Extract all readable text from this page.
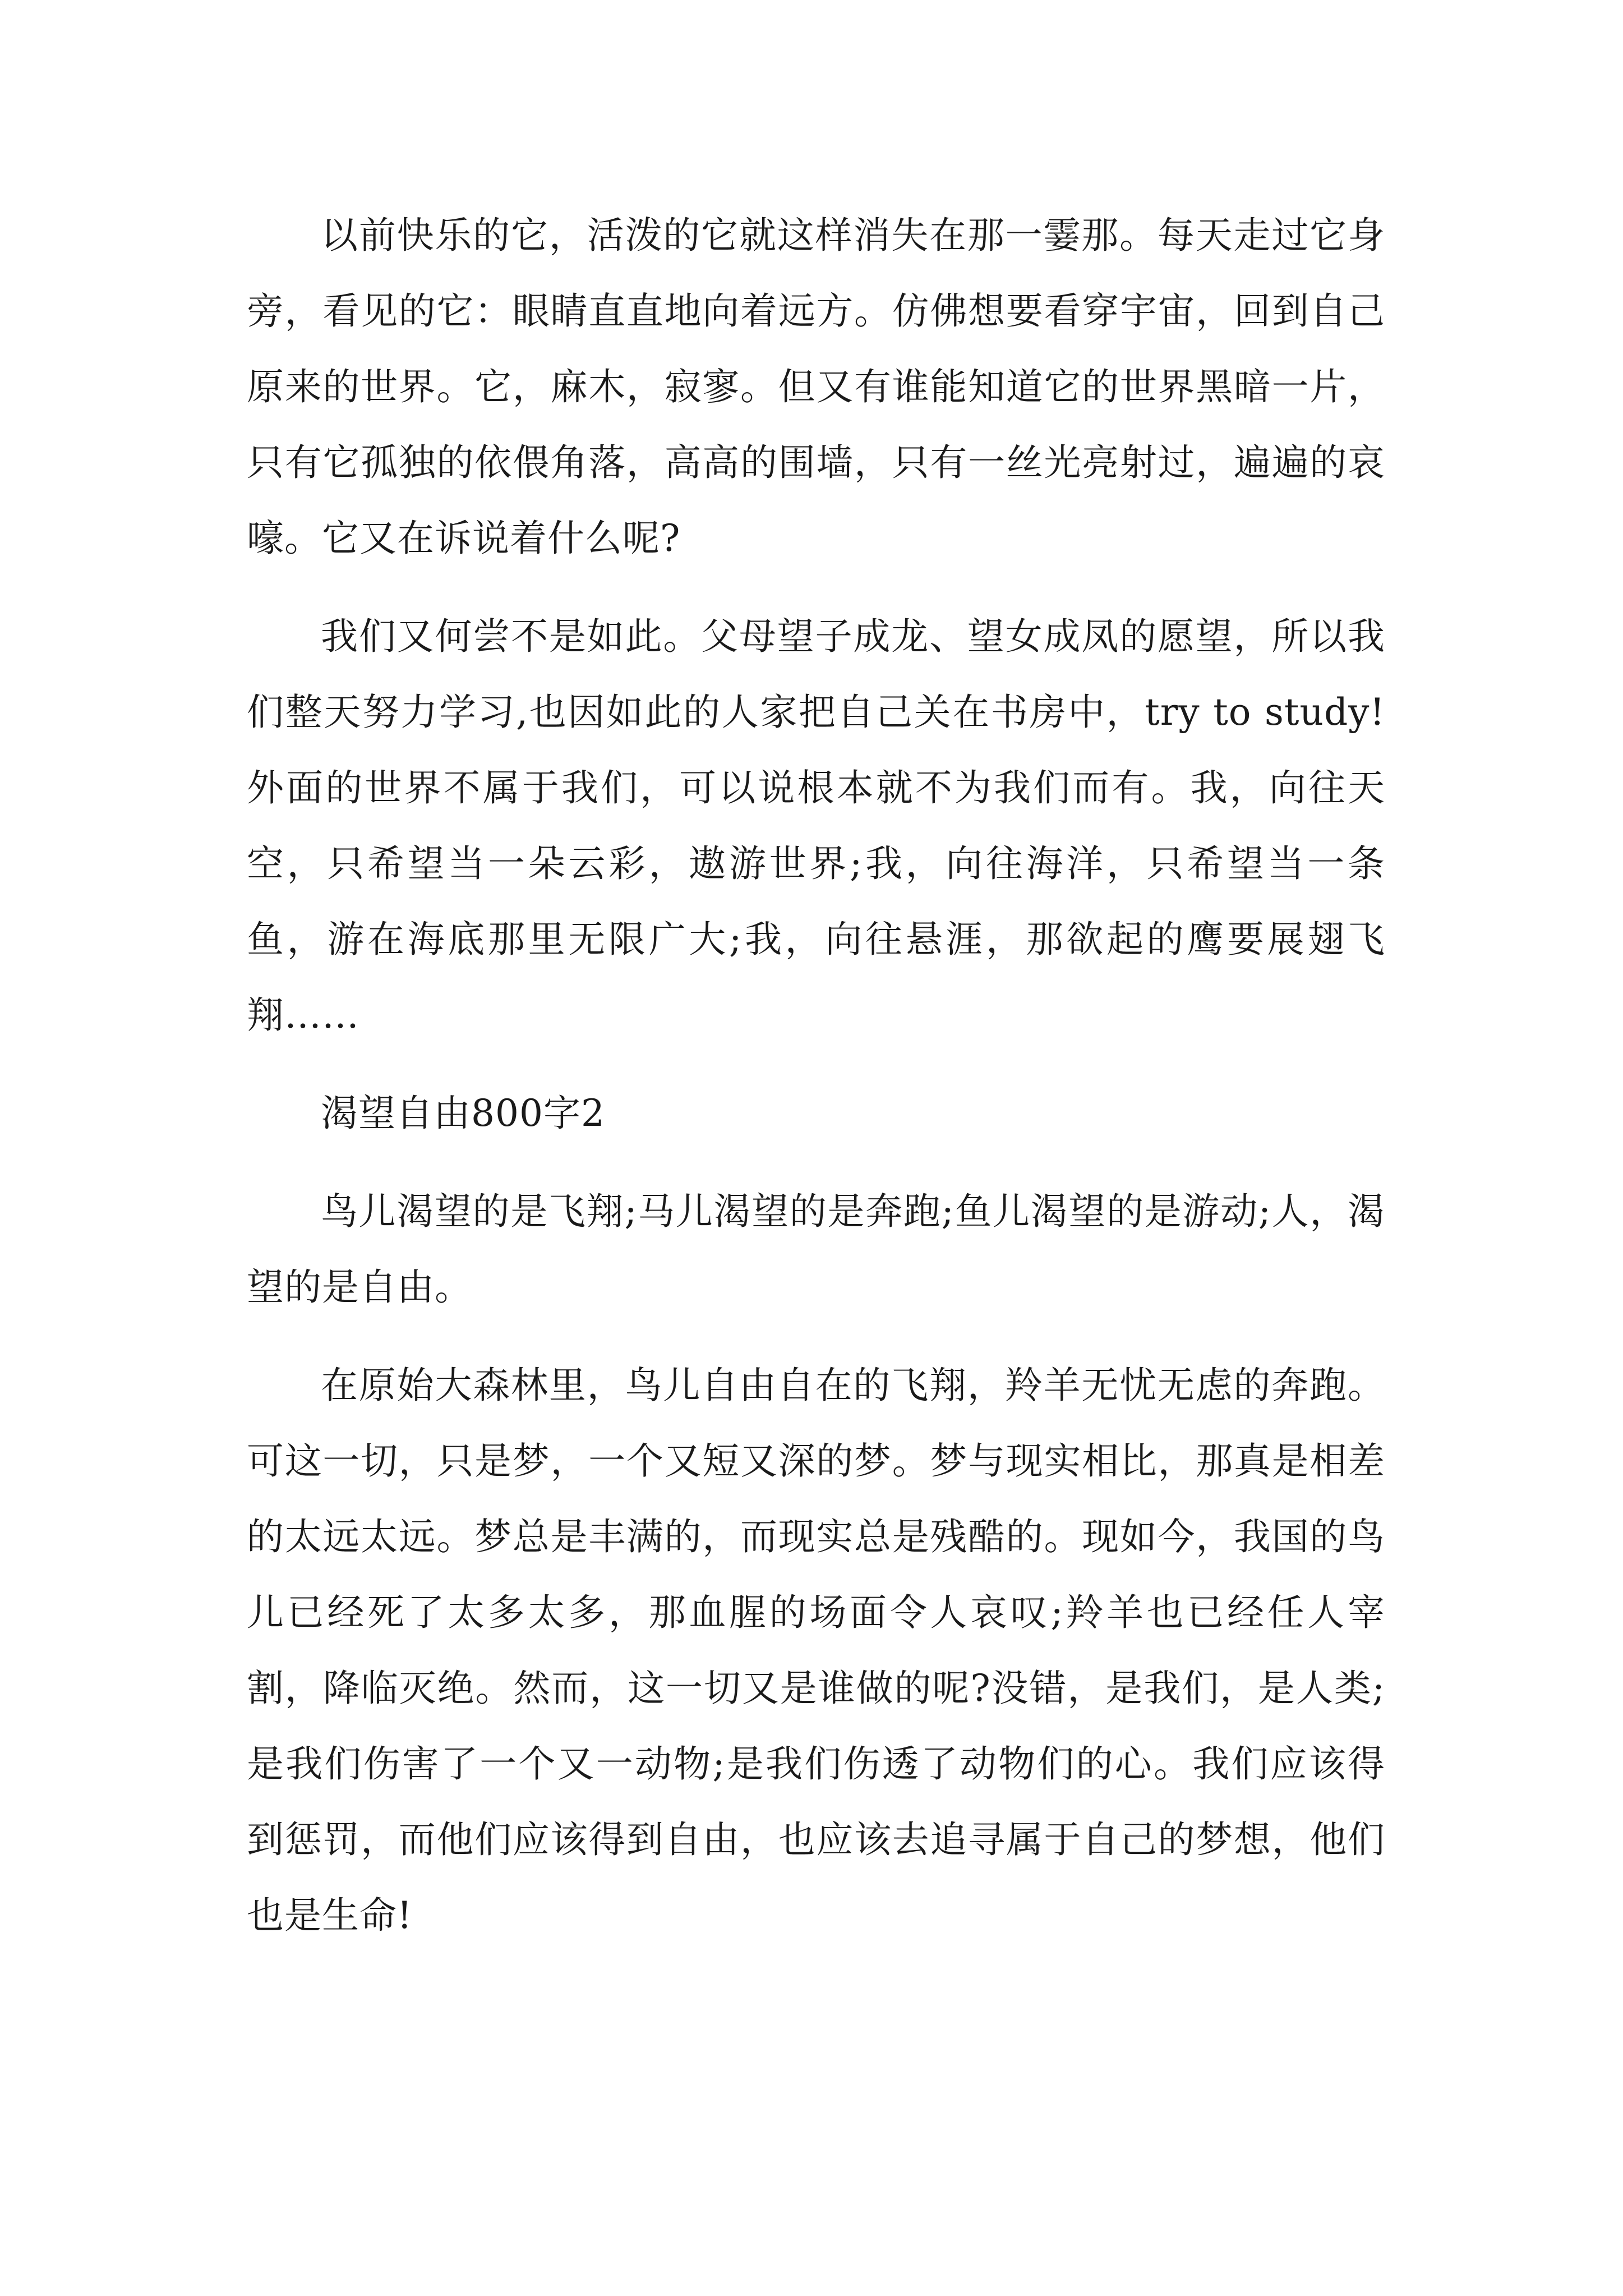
以前快乐的它，活泼的它就这样消失在那一霎那。每天走过它身旁，看见的它：眼睛直直地向着远方。仿佛想要看穿宇宙，回到自己原来的世界。它，麻木，寂寥。但又有谁能知道它的世界黑暗一片，只有它孤独的依偎角落，高高的围墙，只有一丝光亮射过，遍遍的哀嚎。它又在诉说着什么呢?

我们又何尝不是如此。父母望子成龙、望女成凤的愿望，所以我们整天努力学习,也因如此的人家把自己关在书房中，try to study!外面的世界不属于我们，可以说根本就不为我们而有。我，向往天空，只希望当一朵云彩，遨游世界;我，向往海洋，只希望当一条鱼，游在海底那里无限广大;我，向往悬涯，那欲起的鹰要展翅飞翔……

渴望自由800字2

鸟儿渴望的是飞翔;马儿渴望的是奔跑;鱼儿渴望的是游动;人，渴望的是自由。

在原始大森林里，鸟儿自由自在的飞翔，羚羊无忧无虑的奔跑。可这一切，只是梦，一个又短又深的梦。梦与现实相比，那真是相差的太远太远。梦总是丰满的，而现实总是残酷的。现如今，我国的鸟儿已经死了太多太多，那血腥的场面令人哀叹;羚羊也已经任人宰割，降临灭绝。然而，这一切又是谁做的呢?没错，是我们，是人类;是我们伤害了一个又一动物;是我们伤透了动物们的心。我们应该得到惩罚，而他们应该得到自由，也应该去追寻属于自己的梦想，他们也是生命!
